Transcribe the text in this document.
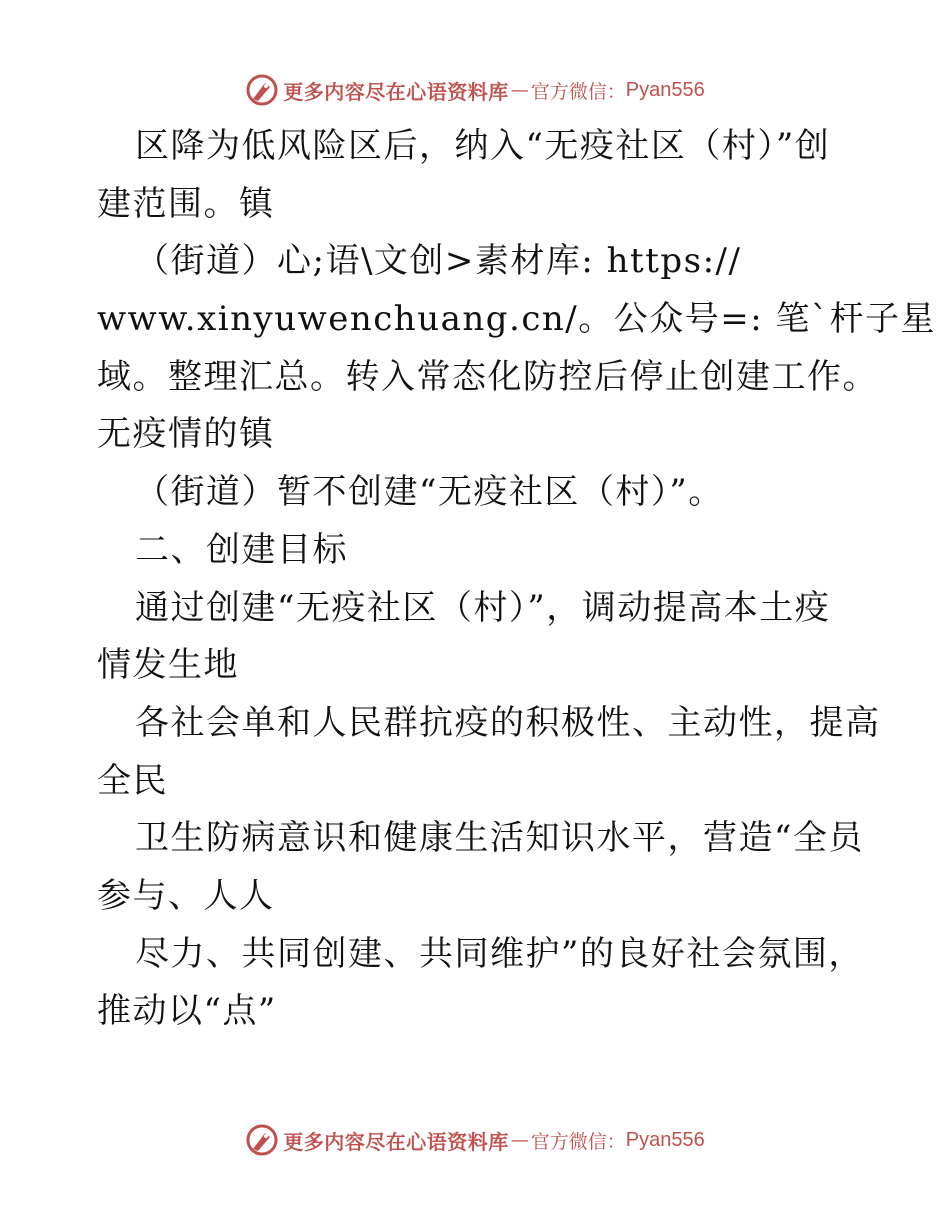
更多内容尽在心语资料库 — 官方微信： Pyan556
区降为低风险区后，纳入“无疫社区（村）”创
建范围。镇
（街道）心;语\文创>素材库: https://
www.xinyuwenchuang.cn/。公众号=: 笔`杆子星
域。整理汇总。转入常态化防控后停止创建工作。
无疫情的镇
（街道）暂不创建“无疫社区（村）”。
二、创建目标
通过创建“无疫社区（村）”，调动提高本土疫
情发生地
各社会单和人民群抗疫的积极性、主动性，提高
全民
卫生防病意识和健康生活知识水平，营造“全员
参与、人人
尽力、共同创建、共同维护”的良好社会氛围，
推动以“点”
更多内容尽在心语资料库 — 官方微信： Pyan556
